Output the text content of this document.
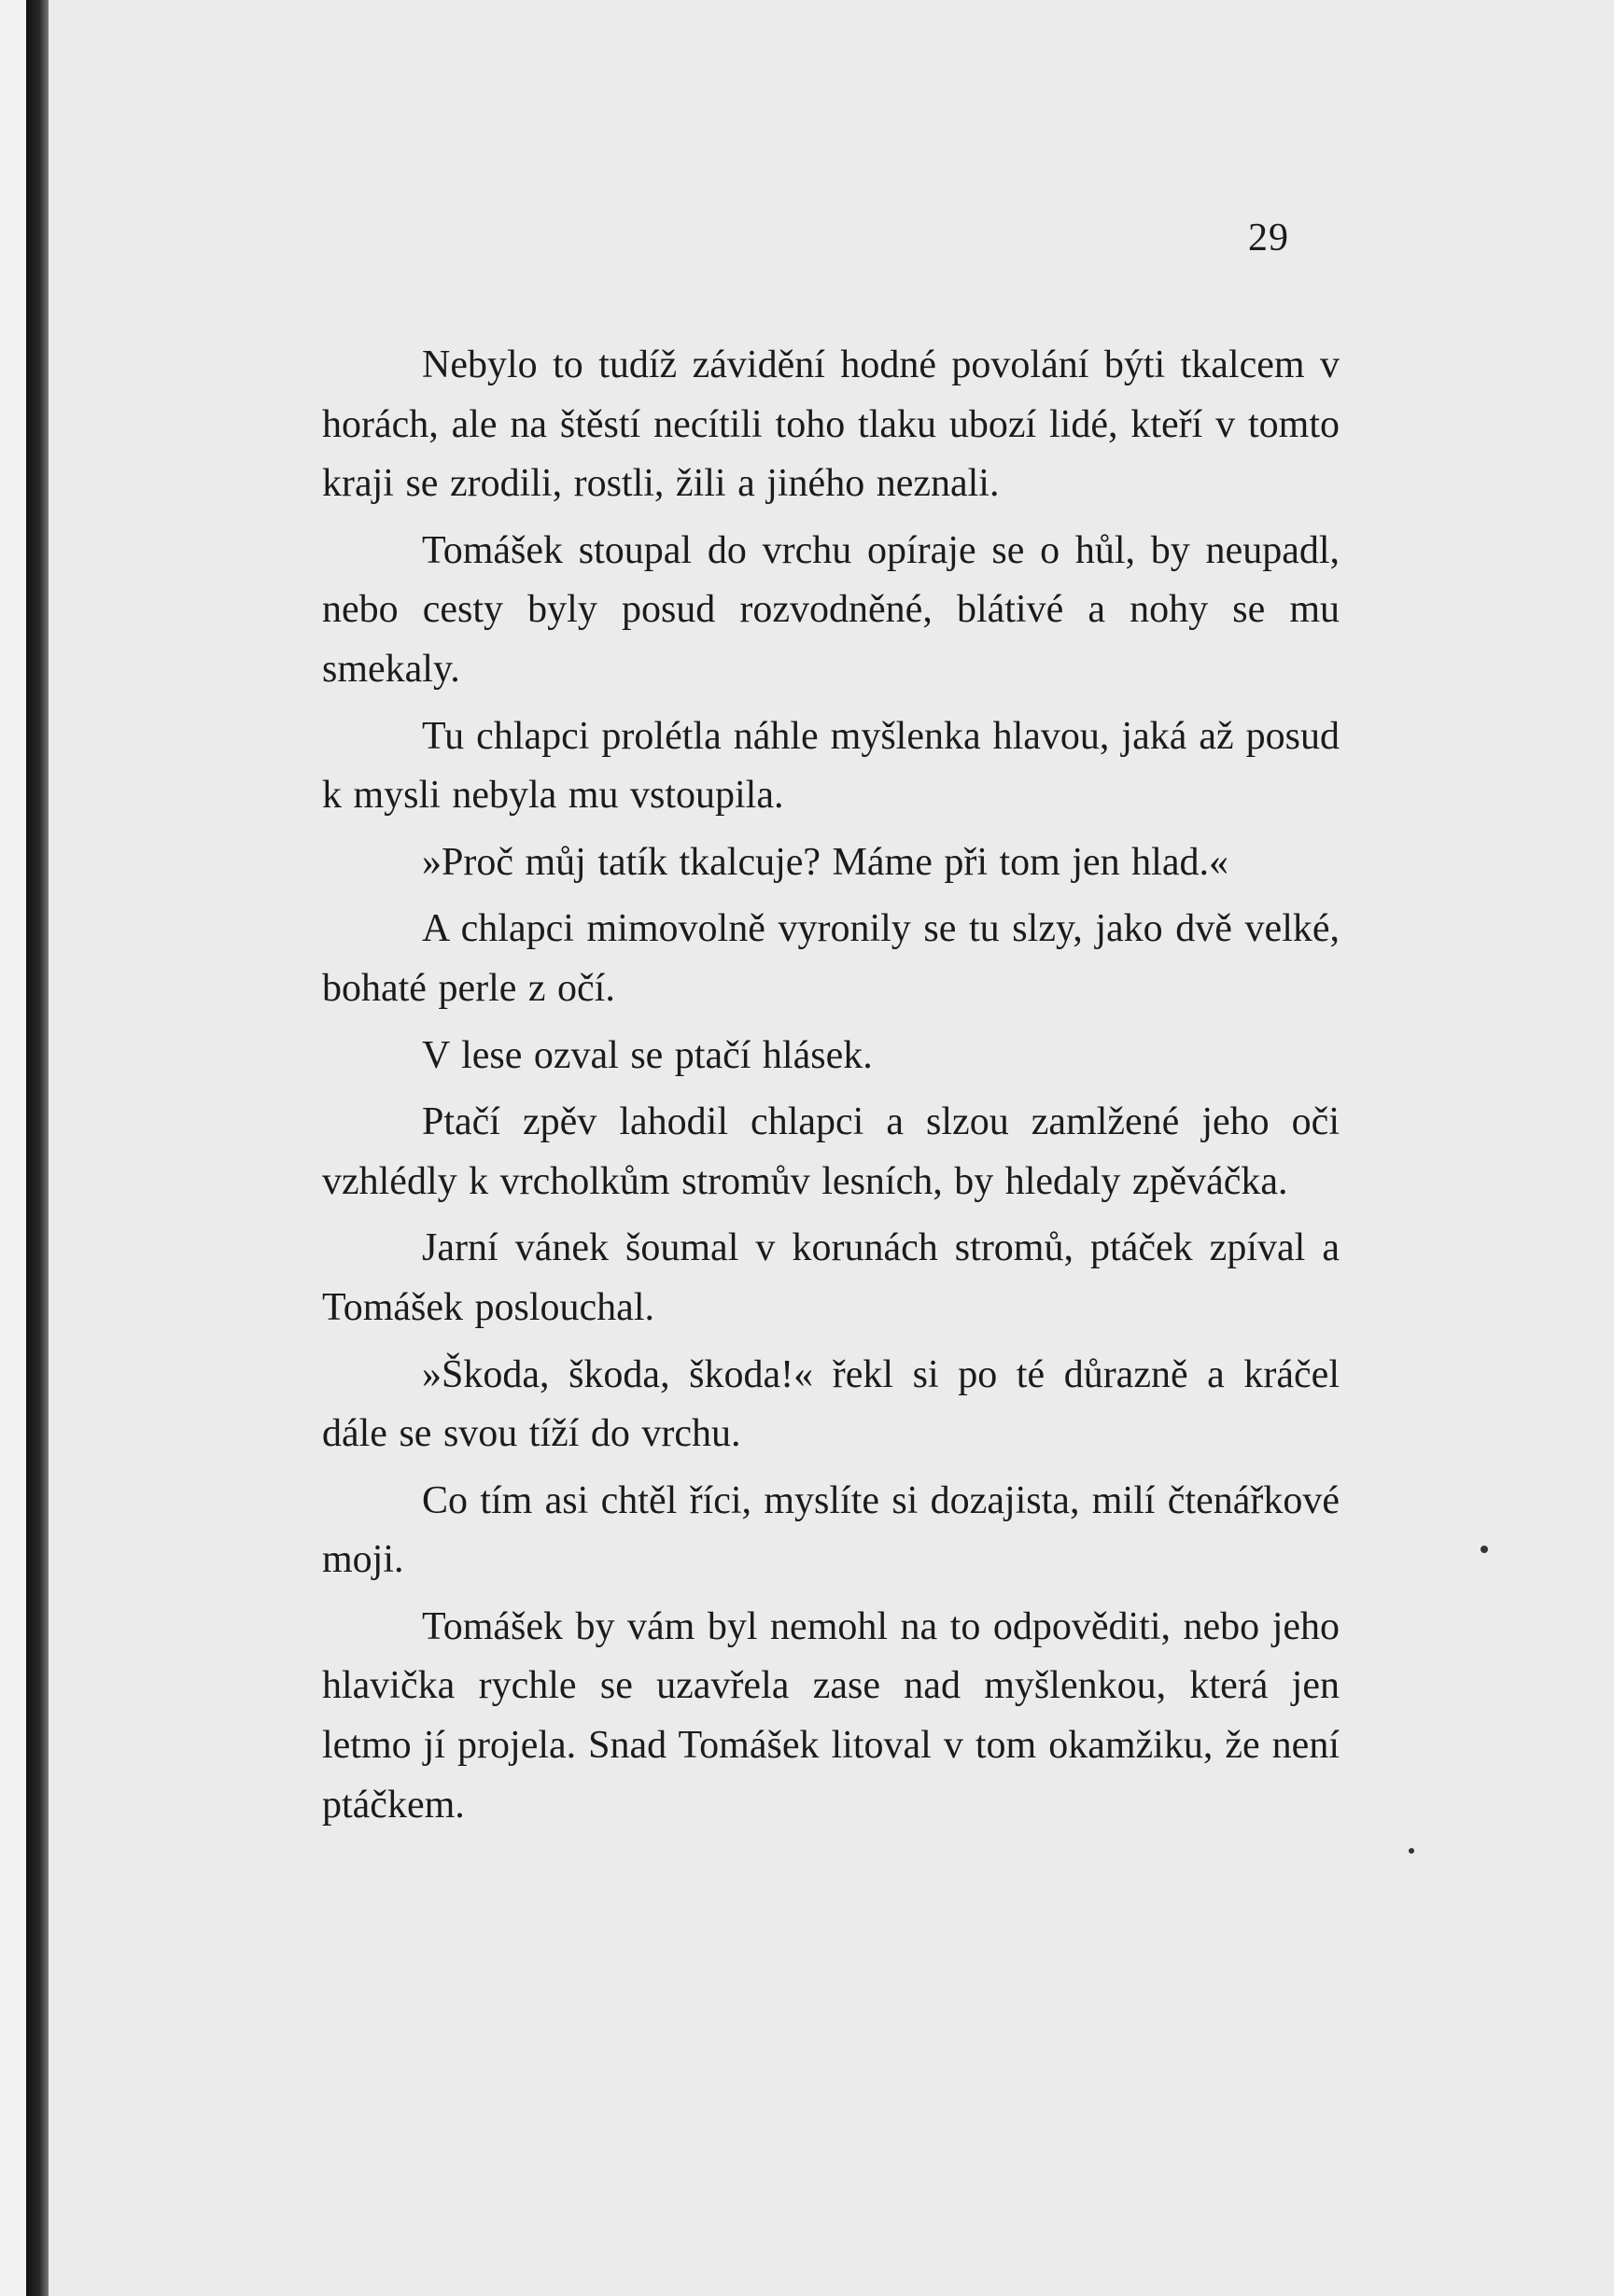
29

Nebylo to tudíž závidění hodné povolání býti tkalcem v horách, ale na štěstí necítili toho tlaku ubozí lidé, kteří v tomto kraji se zrodili, rostli, žili a jiného neznali.

Tomášek stoupal do vrchu opíraje se o hůl, by neupadl, nebo cesty byly posud rozvodněné, blátivé a nohy se mu smekaly.

Tu chlapci prolétla náhle myšlenka hlavou, jaká až posud k mysli nebyla mu vstoupila.

»Proč můj tatík tkalcuje? Máme při tom jen hlad.«

A chlapci mimovolně vyronily se tu slzy, jako dvě velké, bohaté perle z očí.

V lese ozval se ptačí hlásek.

Ptačí zpěv lahodil chlapci a slzou zamlžené jeho oči vzhlédly k vrcholkům stromův lesních, by hledaly zpěváčka.

Jarní vánek šoumal v korunách stromů, ptáček zpíval a Tomášek poslouchal.

»Škoda, škoda, škoda!« řekl si po té důrazně a kráčel dále se svou tíží do vrchu.

Co tím asi chtěl říci, myslíte si dozajista, milí čtenářkové moji.

Tomášek by vám byl nemohl na to odpověditi, nebo jeho hlavička rychle se uzavřela zase nad myšlenkou, která jen letmo jí projela. Snad Tomášek litoval v tom okamžiku, že není ptáčkem.
